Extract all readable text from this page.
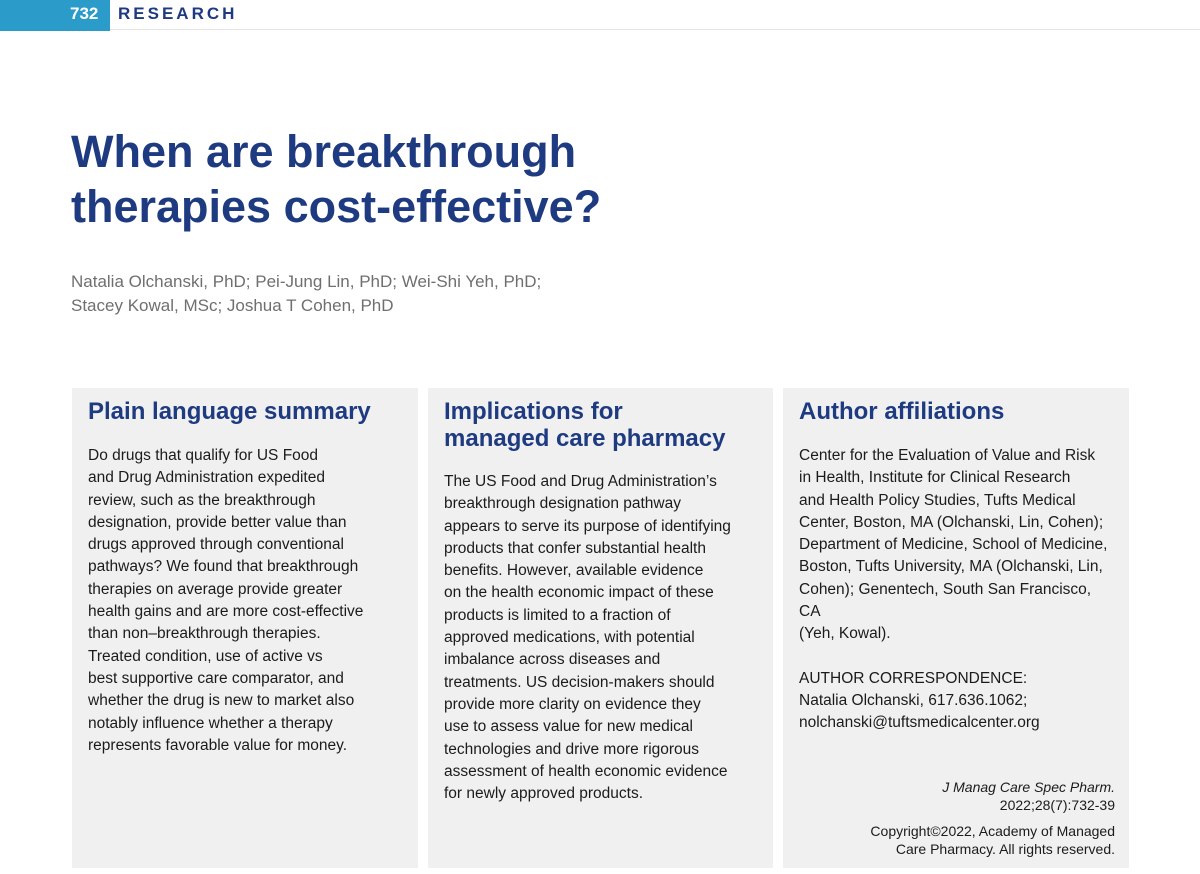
732	RESEARCH
When are breakthrough
therapies cost-effective?
Natalia Olchanski, PhD; Pei-Jung Lin, PhD; Wei-Shi Yeh, PhD;
Stacey Kowal, MSc; Joshua T Cohen, PhD
Plain language summary

Do drugs that qualify for US Food
and Drug Administration expedited
review, such as the breakthrough
designation, provide better value than
drugs approved through conventional
pathways? We found that breakthrough
therapies on average provide greater
health gains and are more cost-effective
than non–breakthrough therapies.
Treated condition, use of active vs
best supportive care comparator, and
whether the drug is new to market also
notably influence whether a therapy
represents favorable value for money.

Implications for
managed care pharmacy

The US Food and Drug Administration’s
breakthrough designation pathway
appears to serve its purpose of identifying
products that confer substantial health
benefits. However, available evidence
on the health economic impact of these
products is limited to a fraction of
approved medications, with potential
imbalance across diseases and
treatments. US decision-makers should
provide more clarity on evidence they
use to assess value for new medical
technologies and drive more rigorous
assessment of health economic evidence
for newly approved products.

Author affiliations

Center for the Evaluation of Value and Risk
in Health, Institute for Clinical Research
and Health Policy Studies, Tufts Medical
Center, Boston, MA (Olchanski, Lin, Cohen);
Department of Medicine, School of Medicine,
Boston, Tufts University, MA (Olchanski, Lin,
Cohen); Genentech, South San Francisco, CA
(Yeh, Kowal).

AUTHOR CORRESPONDENCE:
Natalia Olchanski, 617.636.1062;
nolchanski@tuftsmedicalcenter.org

J Manag Care Spec Pharm.
2022;28(7):732-39
Copyright©2022, Academy of Managed
Care Pharmacy. All rights reserved.
